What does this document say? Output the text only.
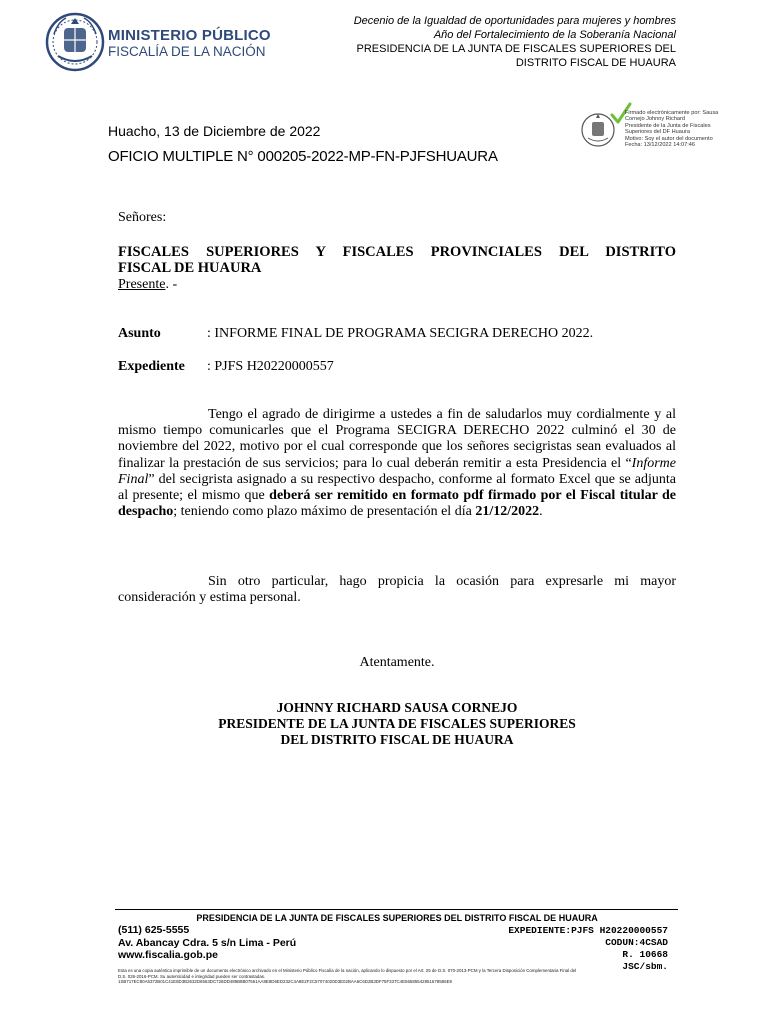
MINISTERIO PÚBLICO
FISCALÍA DE LA NACIÓN
Decenio de la Igualdad de oportunidades para mujeres y hombres
Año del Fortalecimiento de la Soberanía Nacional
PRESIDENCIA DE LA JUNTA DE FISCALES SUPERIORES DEL
DISTRITO FISCAL DE HUAURA
Firmado electrónicamente por: Sausa
Cornejo Johnny Richard
Presidente de la Junta de Fiscales
Superiores del DF Huaura
Motivo: Soy el autor del documento
Fecha: 13/12/2022 14:07:46
Huacho, 13 de Diciembre de 2022
OFICIO MULTIPLE N° 000205-2022-MP-FN-PJFSHUAURA
Señores:
FISCALES SUPERIORES Y FISCALES PROVINCIALES DEL DISTRITO
FISCAL DE HUAURA
Presente. -
Asunto	: INFORME FINAL DE PROGRAMA SECIGRA DERECHO 2022.
Expediente : PJFS H20220000557
Tengo el agrado de dirigirme a ustedes a fin de saludarlos muy cordialmente y al mismo tiempo comunicarles que el Programa SECIGRA DERECHO 2022 culminó el 30 de noviembre del 2022, motivo por el cual corresponde que los señores secigristas sean evaluados al finalizar la prestación de sus servicios; para lo cual deberán remitir a esta Presidencia el “Informe Final” del secigrista asignado a su respectivo despacho, conforme al formato Excel que se adjunta al presente; el mismo que deberá ser remitido en formato pdf firmado por el Fiscal titular de despacho; teniendo como plazo máximo de presentación el día 21/12/2022.
Sin otro particular, hago propicia la ocasión para expresarle mi mayor consideración y estima personal.
Atentamente.
JOHNNY RICHARD SAUSA CORNEJO
PRESIDENTE DE LA JUNTA DE FISCALES SUPERIORES
DEL DISTRITO FISCAL DE HUAURA
PRESIDENCIA DE LA JUNTA DE FISCALES SUPERIORES DEL DISTRITO FISCAL DE HUAURA
(511) 625-5555
Av. Abancay Cdra. 5 s/n Lima - Perú
www.fiscalia.gob.pe
EXPEDIENTE:PJFS H20220000557
CODUN:4CSAD
R. 10668
JSC/sbm.
Esta es una copia auténtica imprimible de un documento electrónico archivado en el Ministerio Público Fiscalía de la nación, aplicando lo dispuesto por el Art. 25 de D.S. 070-2013-PCM y la Tercera Disposición Complementaria Final del
D.S. 026-2016-PCM. Su autenticidad e integridad pueden ser contrastadas.
1SB717EC80A5372B01C41E8D3B2632D6563DC726DD489B8B07561AA8E8D6ED232C4A8E2F2C57074020D3E02BAA6C6D2B3DF75F337C4E56585542851678586E9
